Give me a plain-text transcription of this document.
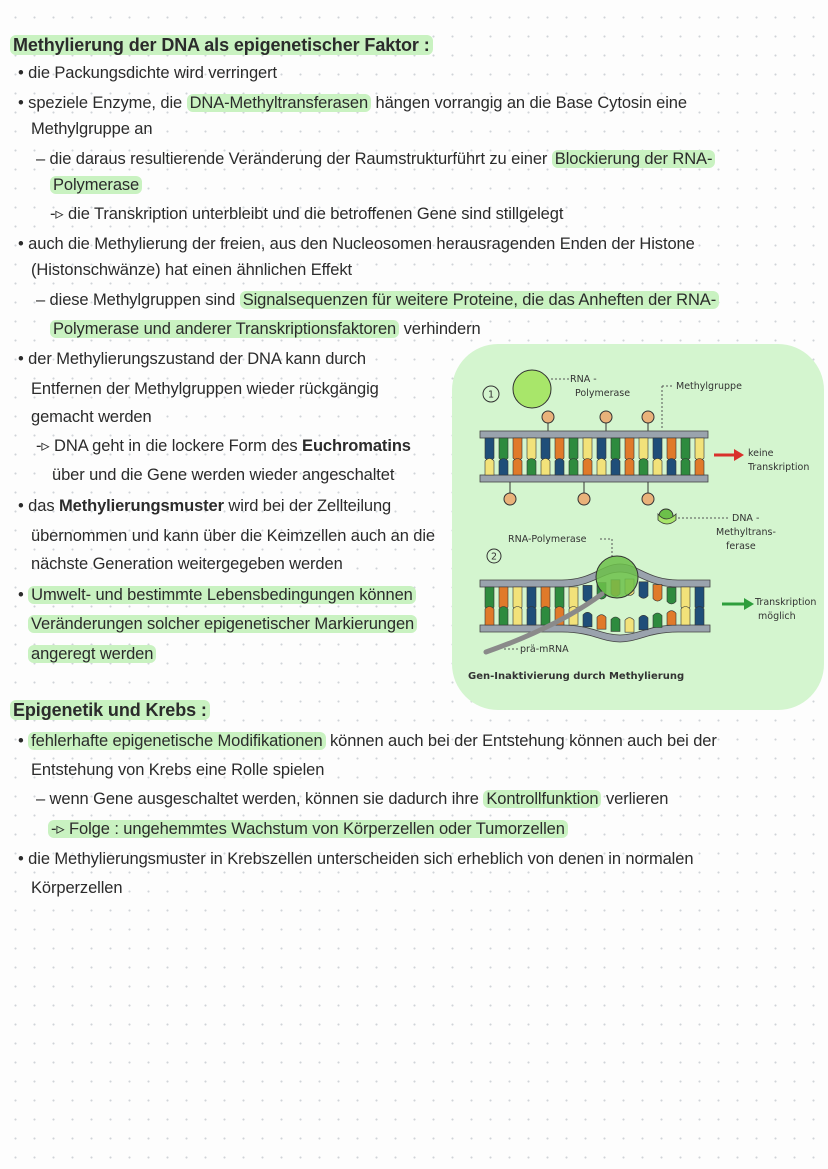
Methylierung der DNA als epigenetischer Faktor :
• die Packungsdichte wird verringert
• speziele Enzyme, die DNA-Methyltransferasen hängen vorrangig an die Base Cytosin eine
Methylgruppe an
– die daraus resultierende Veränderung der Raumstrukturführt zu einer Blockierung der RNA-
Polymerase
-▹ die Transkription unterbleibt und die betroffenen Gene sind stillgelegt
• auch die Methylierung der freien, aus den Nucleosomen herausragenden Enden der Histone
(Histonschwänze) hat einen ähnlichen Effekt
– diese Methylgruppen sind Signalsequenzen für weitere Proteine, die das Anheften der RNA-
Polymerase und anderer Transkriptionsfaktoren verhindern
• der Methylierungszustand der DNA kann durch
Entfernen der Methylgruppen wieder rückgängig
gemacht werden
-▹ DNA geht in die lockere Form des Euchromatins
über und die Gene werden wieder angeschaltet
• das Methylierungsmuster wird bei der Zellteilung
übernommen und kann über die Keimzellen auch an die
nächste Generation weitergegeben werden
• Umwelt- und bestimmte Lebensbedingungen können
Veränderungen solcher epigenetischer Markierungen
angeregt werden
1
RNA -
Polymerase
Methylgruppe
keine
Transkription
DNA -
Methyltrans-
ferase
2
RNA-Polymerase
prä-mRNA
Transkription
möglich
Gen-Inaktivierung durch Methylierung
Epigenetik und Krebs :
• fehlerhafte epigenetische Modifikationen können auch bei der Entstehung können auch bei der
Entstehung von Krebs eine Rolle spielen
– wenn Gene ausgeschaltet werden, können sie dadurch ihre Kontrollfunktion verlieren
-▹ Folge : ungehemmtes Wachstum von Körperzellen oder Tumorzellen
• die Methylierungsmuster in Krebszellen unterscheiden sich erheblich von denen in normalen
Körperzellen
